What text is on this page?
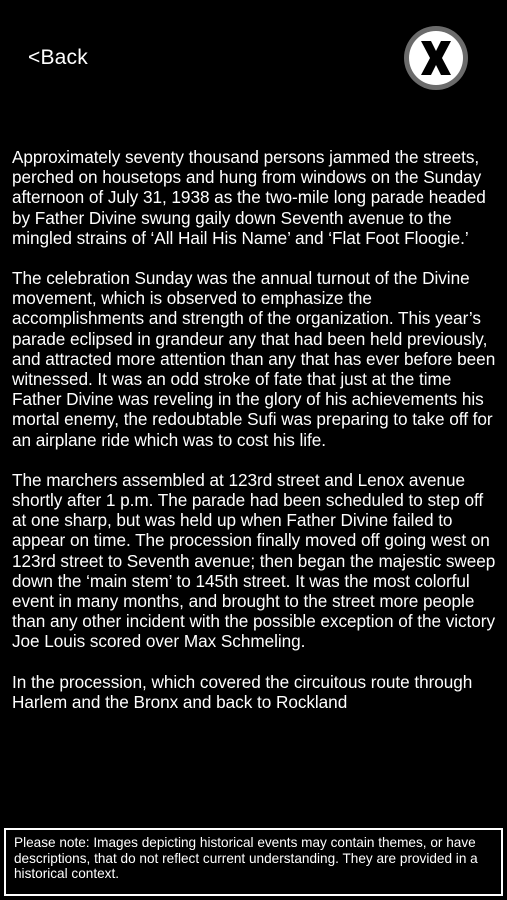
<Back

Approximately seventy thousand persons jammed the streets, perched on housetops and hung from windows on the Sunday afternoon of July 31, 1938 as the two-mile long parade headed by Father Divine swung gaily down Seventh avenue to the mingled strains of ‘All Hail His Name’ and ‘Flat Foot Floogie.’

The celebration Sunday was the annual turnout of the Divine movement, which is observed to emphasize the accomplishments and strength of the organization. This year’s parade eclipsed in grandeur any that had been held previously, and attracted more attention than any that has ever before been witnessed. It was an odd stroke of fate that just at the time Father Divine was reveling in the glory of his achievements his mortal enemy, the redoubtable Sufi was preparing to take off for an airplane ride which was to cost his life.

The marchers assembled at 123rd street and Lenox avenue shortly after 1 p.m. The parade had been scheduled to step off at one sharp, but was held up when Father Divine failed to appear on time. The procession finally moved off going west on 123rd street to Seventh avenue; then began the majestic sweep down the ‘main stem’ to 145th street. It was the most colorful event in many months, and brought to the street more people than any other incident with the possible exception of the victory Joe Louis scored over Max Schmeling.

In the procession, which covered the circuitous route through Harlem and the Bronx and back to Rockland

Please note: Images depicting historical events may contain themes, or have descriptions, that do not reflect current understanding. They are provided in a historical context.
